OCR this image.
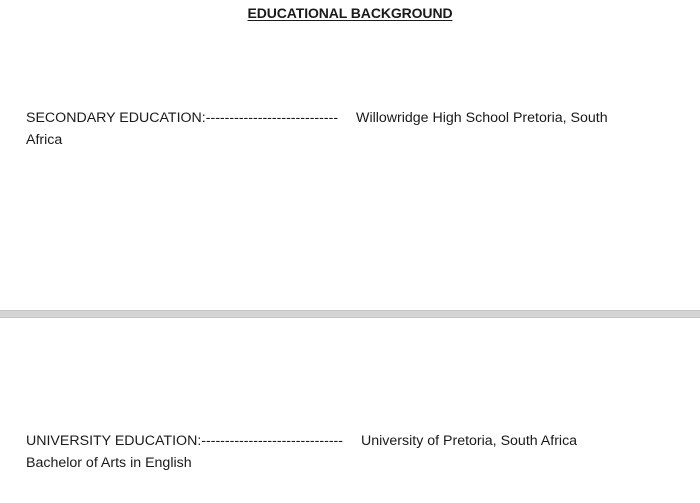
EDUCATIONAL BACKGROUND
SECONDARY EDUCATION:---------------------------- Willowridge High School Pretoria, South
Africa
UNIVERSITY EDUCATION:------------------------------ University of Pretoria, South Africa
Bachelor of Arts in English
